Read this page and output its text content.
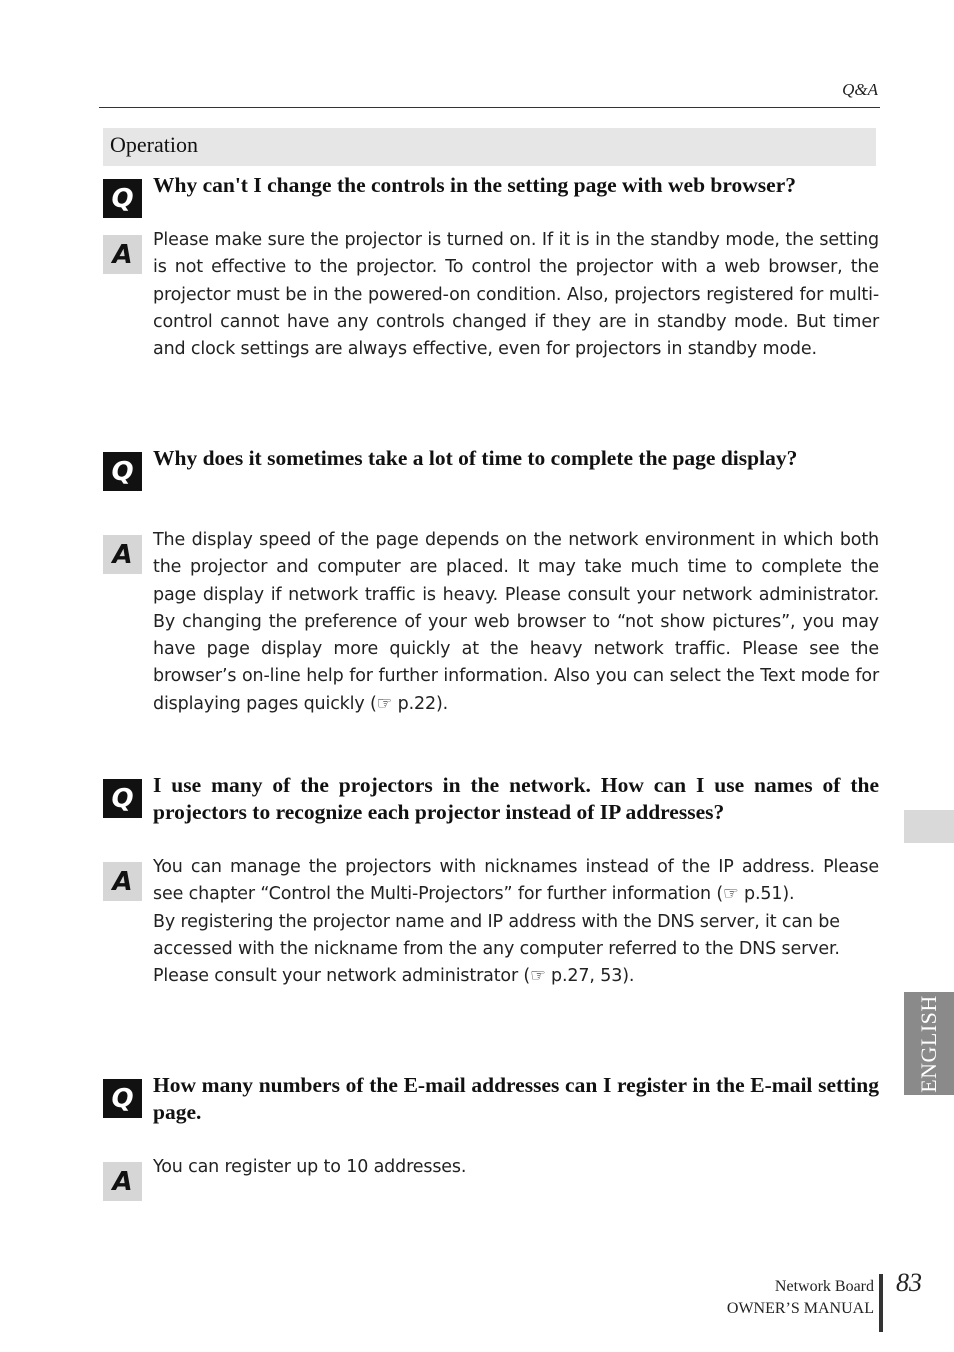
Q&A
Operation
Q Why can't I change the controls in the setting page with web browser?
A	Please make sure the projector is turned on. If it is in the standby mode, the setting is not effective to the projector. To control the projector with a web browser, the projector must be in the powered-on condition. Also, projectors registered for multi-control cannot have any controls changed if they are in standby mode. But timer and clock settings are always effective, even for projectors in standby mode.

Q Why does it sometimes take a lot of time to complete the page display?
A	The display speed of the page depends on the network environment in which both the projector and computer are placed. It may take much time to complete the page display if network traffic is heavy. Please consult your network administrator. By changing the preference of your web browser to “not show pictures”, you may have page display more quickly at the heavy network traffic. Please see the browser’s on-line help for further information. Also you can select the Text mode for displaying pages quickly (☞ p.22).

Q I use many of the projectors in the network. How can I use names of the projectors to recognize each projector instead of IP addresses?
A	You can manage the projectors with nicknames instead of the IP address. Please see chapter “Control the Multi-Projectors” for further information (☞ p.51).

By registering the projector name and IP address with the DNS server, it can be accessed with the nickname from the any computer referred to the DNS server. Please consult your network administrator (☞ p.27, 53).

Q How many numbers of the E-mail addresses can I register in the E-mail setting page.
A	You can register up to 10 addresses.

ENGLISH
Network Board
OWNER’S MANUAL
83
